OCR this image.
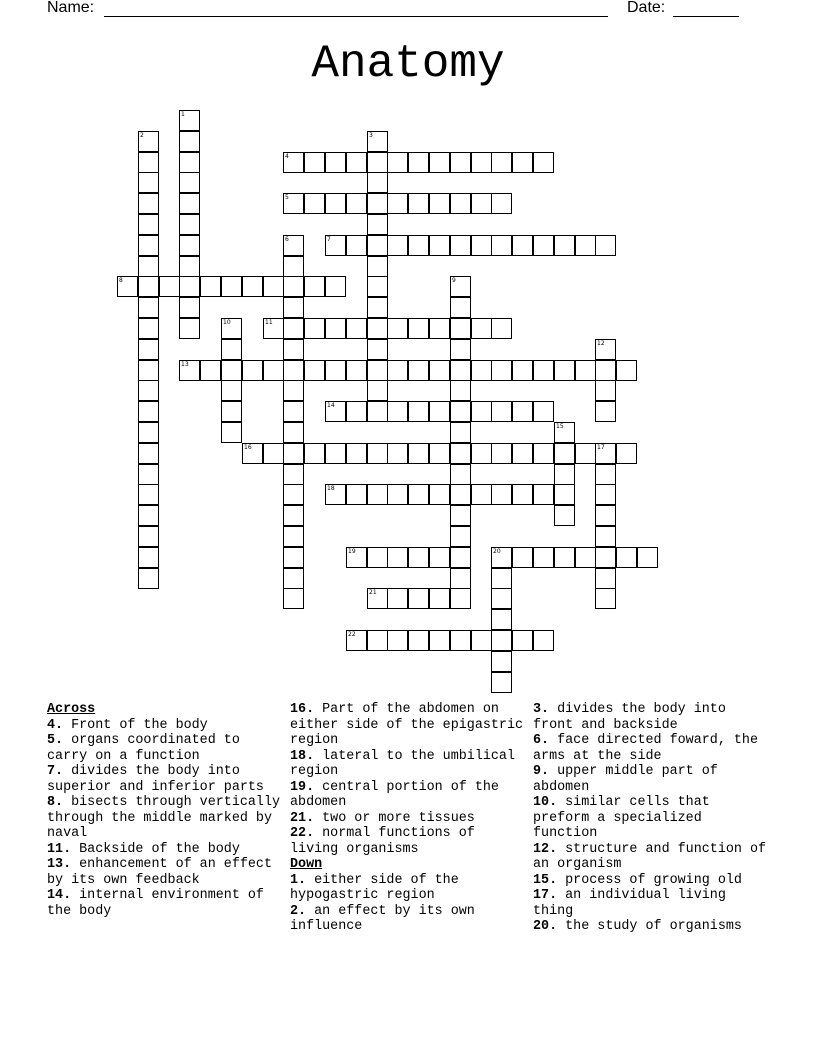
Name:	Date:
Anatomy
4
5
7
8
11
13
14
16	17
18
19	20
21
22
1
2	3
6
9
10
12
15

Across

4. Front of the body

5. organs coordinated to carry on a function

7. divides the body into superior and inferior parts

8. bisects through vertically through the middle marked by naval

11. Backside of the body

13. enhancement of an effect by its own feedback

14. internal environment of the body

16. Part of the abdomen on either side of the epigastric region

18. lateral to the umbilical region

19. central portion of the abdomen

21. two or more tissues

22. normal functions of living organisms

Down

1. either side of the hypogastric region

2. an effect by its own influence

3. divides the body into front and backside

6. face directed foward, the arms at the side

9. upper middle part of abdomen

10. similar cells that preform a specialized function

12. structure and function of an organism

15. process of growing old

17. an individual living thing

20. the study of organisms
